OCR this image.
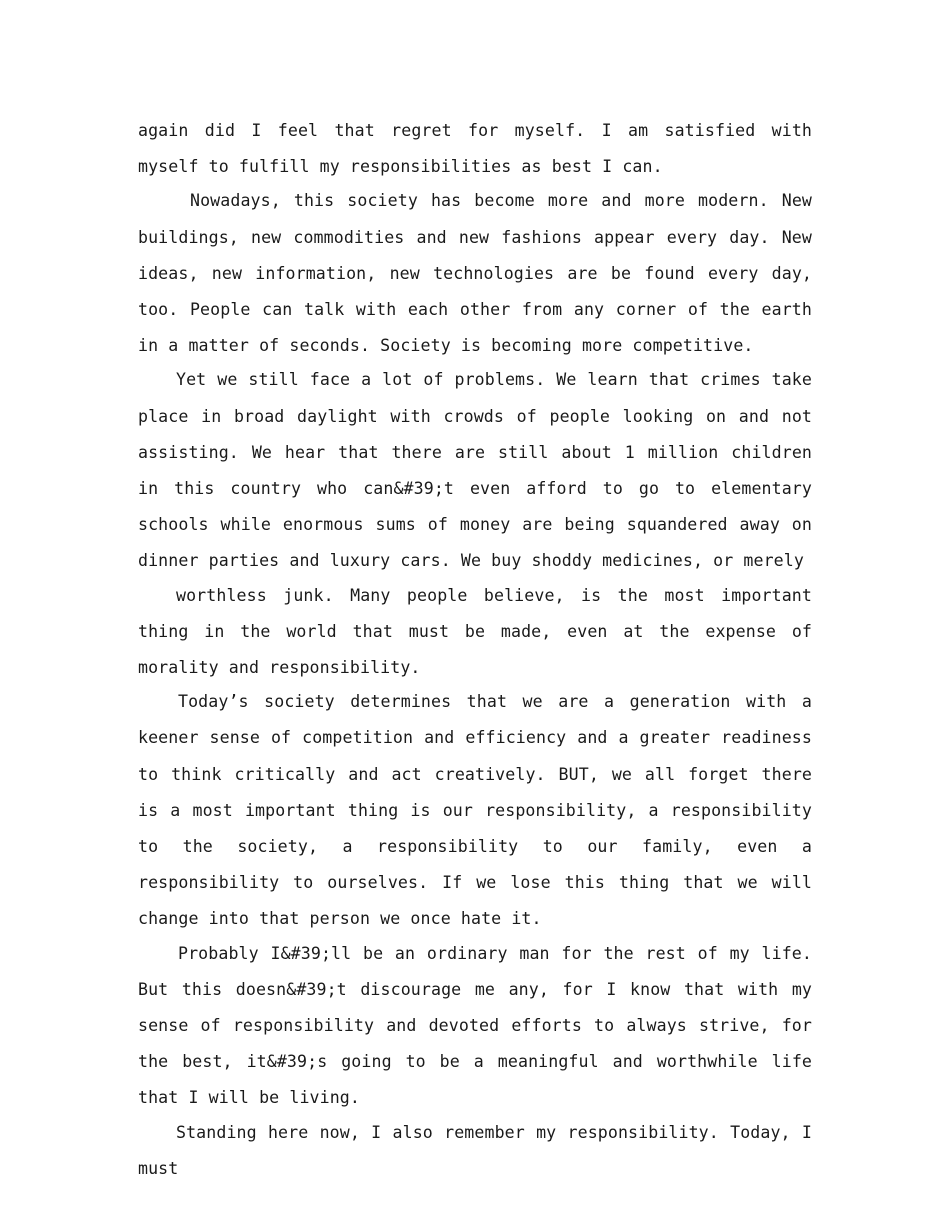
again did I feel that regret for myself. I am satisfied with myself to fulfill my responsibilities as best I can.

Nowadays, this society has become more and more modern. New buildings, new commodities and new fashions appear every day. New ideas, new information, new technologies are be found every day, too. People can talk with each other from any corner of the earth in a matter of seconds. Society is becoming more competitive.

Yet we still face a lot of problems. We learn that crimes take place in broad daylight with crowds of people looking on and not assisting. We hear that there are still about 1 million children in this country who can&#39;t even afford to go to elementary schools while enormous sums of money are being squandered away on dinner parties and luxury cars. We buy shoddy medicines, or merely

worthless junk. Many people believe, is the most important thing in the world that must be made, even at the expense of morality and responsibility.

Today’s society determines that we are a generation with a keener sense of competition and efficiency and a greater readiness to think critically and act creatively. BUT, we all forget there is a most important thing is our responsibility, a responsibility to the society, a responsibility to our family, even a responsibility to ourselves. If we lose this thing that we will change into that person we once hate it.

Probably I&#39;ll be an ordinary man for the rest of my life. But this doesn&#39;t discourage me any, for I know that with my sense of responsibility and devoted efforts to always strive, for the best, it&#39;s going to be a meaningful and worthwhile life that I will be living.

Standing here now, I also remember my responsibility. Today, I must
